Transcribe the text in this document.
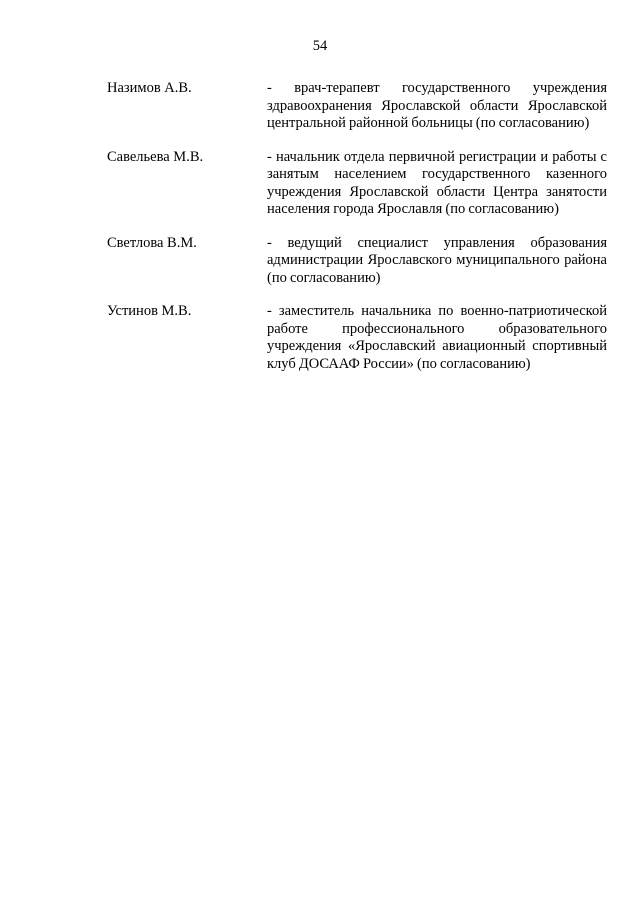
54
Назимов А.В.	- врач-терапевт государственного учреждения здравоохранения Ярославской области Ярославской центральной районной больницы (по согласованию)
Савельева М.В.	- начальник отдела первичной регистрации и работы с занятым населением государственного казенного учреждения Ярославской области Центра занятости населения города Ярославля (по согласованию)
Светлова В.М.	- ведущий специалист управления образования администрации Ярославского муниципального района (по согласованию)
Устинов М.В.	- заместитель начальника по военно-патриотической работе профессионального образовательного учреждения «Ярославский авиационный спортивный клуб ДОСААФ России» (по согласованию)
